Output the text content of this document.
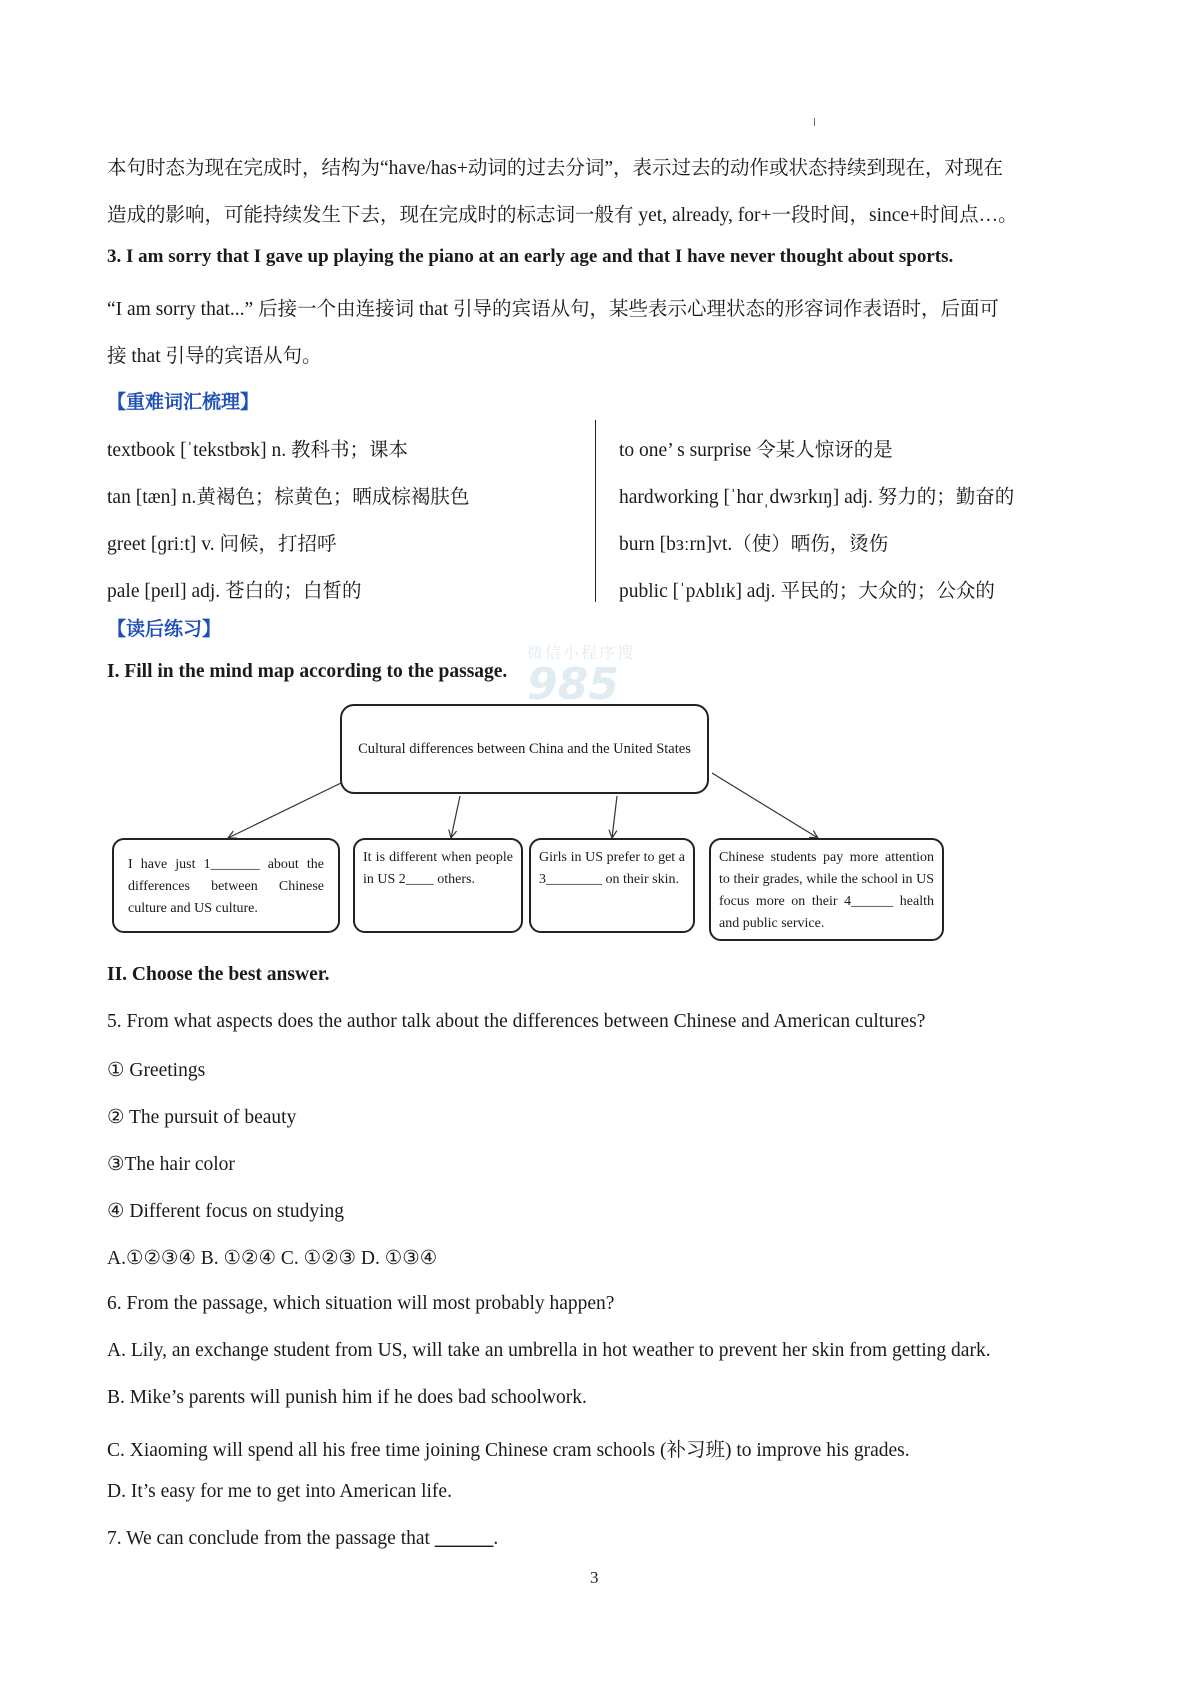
本句时态为现在完成时，结构为“have/has+动词的过去分词”，表示过去的动作或状态持续到现在，对现在
造成的影响，可能持续发生下去，现在完成时的标志词一般有 yet, already, for+一段时间，since+时间点…。
3. I am sorry that I gave up playing the piano at an early age and that I have never thought about sports.
“I am sorry that...” 后接一个由连接词 that 引导的宾语从句，某些表示心理状态的形容词作表语时，后面可
接 that 引导的宾语从句。
【重难词汇梳理】
textbook [ˈtekstbʊk] n. 教科书；课本
tan [tæn] n.黄褐色；棕黄色；晒成棕褐肤色
greet [ɡriːt] v. 问候，打招呼
pale [peɪl] adj. 苍白的；白皙的
to one’ s surprise 令某人惊讶的是
hardworking [ˈhɑrˌdwɜrkɪŋ] adj. 努力的；勤奋的
burn [bɜːrn]vt.（使）晒伤，烫伤
public [ˈpʌblɪk] adj. 平民的；大众的；公众的
【读后练习】
微信小程序搜
985
I. Fill in the mind map according to the passage.
Cultural differences between China and the United States
I have just 1_______ about the differences between Chinese culture and US culture.
It is different when people in US 2____ others.
Girls in US prefer to get a 3________ on their skin.
Chinese students pay more attention to their grades, while the school in US focus more on their 4______ health and public service.
II. Choose the best answer.
5. From what aspects does the author talk about the differences between Chinese and American cultures?
① Greetings
② The pursuit of beauty
③The hair color
④ Different focus on studying
A.①②③④ B. ①②④ C. ①②③ D. ①③④
6. From the passage, which situation will most probably happen?
A. Lily, an exchange student from US, will take an umbrella in hot weather to prevent her skin from getting dark.
B. Mike’s parents will punish him if he does bad schoolwork.
C. Xiaoming will spend all his free time joining Chinese cram schools (补习班) to improve his grades.
D. It’s easy for me to get into American life.
7. We can conclude from the passage that ______.
3
